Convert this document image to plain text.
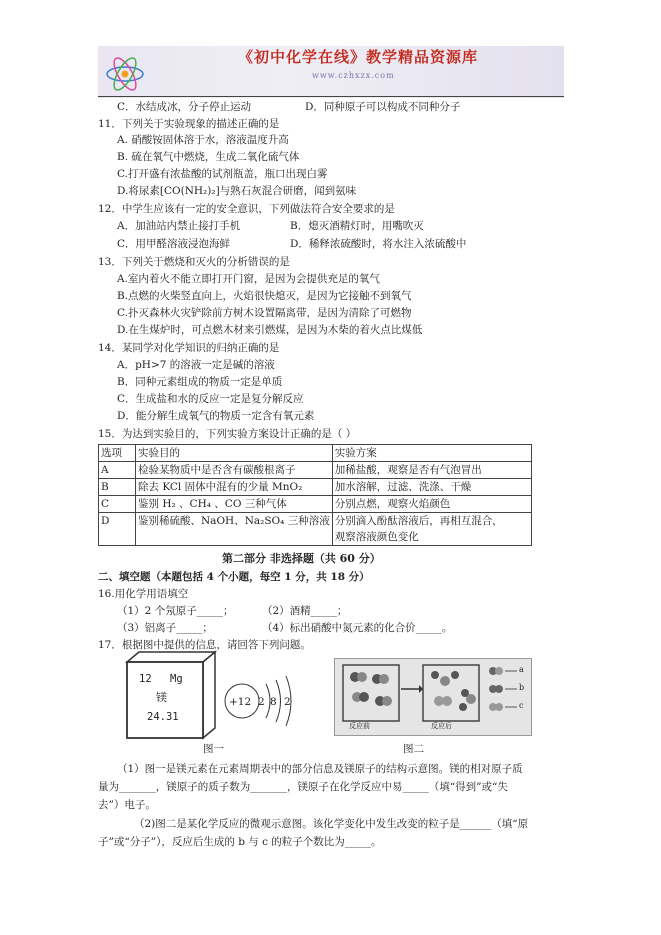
《初中化学在线》教学精品资源库
www.czhxzx.com
C．水结成冰，分子停止运动	D．同种原子可以构成不同种分子
11．下列关于实验现象的描述正确的是
A. 硝酸铵固体溶于水，溶液温度升高
B. 硫在氧气中燃烧，生成二氧化硫气体
C.打开盛有浓盐酸的试剂瓶盖，瓶口出现白雾
D.将尿素[CO(NH₂)₂]与熟石灰混合研磨，闻到氨味
12．中学生应该有一定的安全意识，下列做法符合安全要求的是
A．加油站内禁止接打手机	B．熄灭酒精灯时，用嘴吹灭
C．用甲醛溶液浸泡海鲜	D．稀释浓硫酸时，将水注入浓硫酸中
13．下列关于燃烧和灭火的分析错误的是
A.室内着火不能立即打开门窗，是因为会提供充足的氧气
B.点燃的火柴竖直向上，火焰很快熄灭，是因为它接触不到氧气
C.扑灭森林火灾铲除前方树木设置隔离带，是因为清除了可燃物
D.在生煤炉时，可点燃木材来引燃煤，是因为木柴的着火点比煤低
14．某同学对化学知识的归纳正确的是
A．pH>7 的溶液一定是碱的溶液
B．同种元素组成的物质一定是单质
C．生成盐和水的反应一定是复分解反应
D．能分解生成氧气的物质一定含有氧元素
15．为达到实验目的，下列实验方案设计正确的是（ ）
选项	实验目的	实验方案
A	检验某物质中是否含有碳酸根离子	加稀盐酸，观察是否有气泡冒出
B	除去 KCl 固体中混有的少量 MnO₂	加水溶解，过滤、洗涤、干燥
C	鉴别 H₂ 、CH₄ 、CO 三种气体	分别点燃，观察火焰颜色
D	鉴别稀硫酸、NaOH、Na₂SO₄ 三种溶液	分别滴入酚酞溶液后，再相互混合，
观察溶液颜色变化
第二部分 非选择题（共 60 分）
二、填空题（本题包括 4 个小题，每空 1 分，共 18 分）
16.用化学用语填空
（1）2 个氖原子_____；	（2）酒精_____；
（3）铝离子_____；	（4）标出硝酸中氮元素的化合价_____。
17．根据图中提供的信息，请回答下列问题。
12 Mg
镁
24.31
+12 2 8 2
反应前	反应后
a
b
c
图一	图二
（1）图一是镁元素在元素周期表中的部分信息及镁原子的结构示意图。镁的相对原子质
量为_______，镁原子的质子数为_______，镁原子在化学反应中易_____（填“得到”或“失
去”）电子。
（2)图二是某化学反应的微观示意图。该化学变化中发生改变的粒子是______（填“原
子”或“分子”），反应后生成的 b 与 c 的粒子个数比为_____。
